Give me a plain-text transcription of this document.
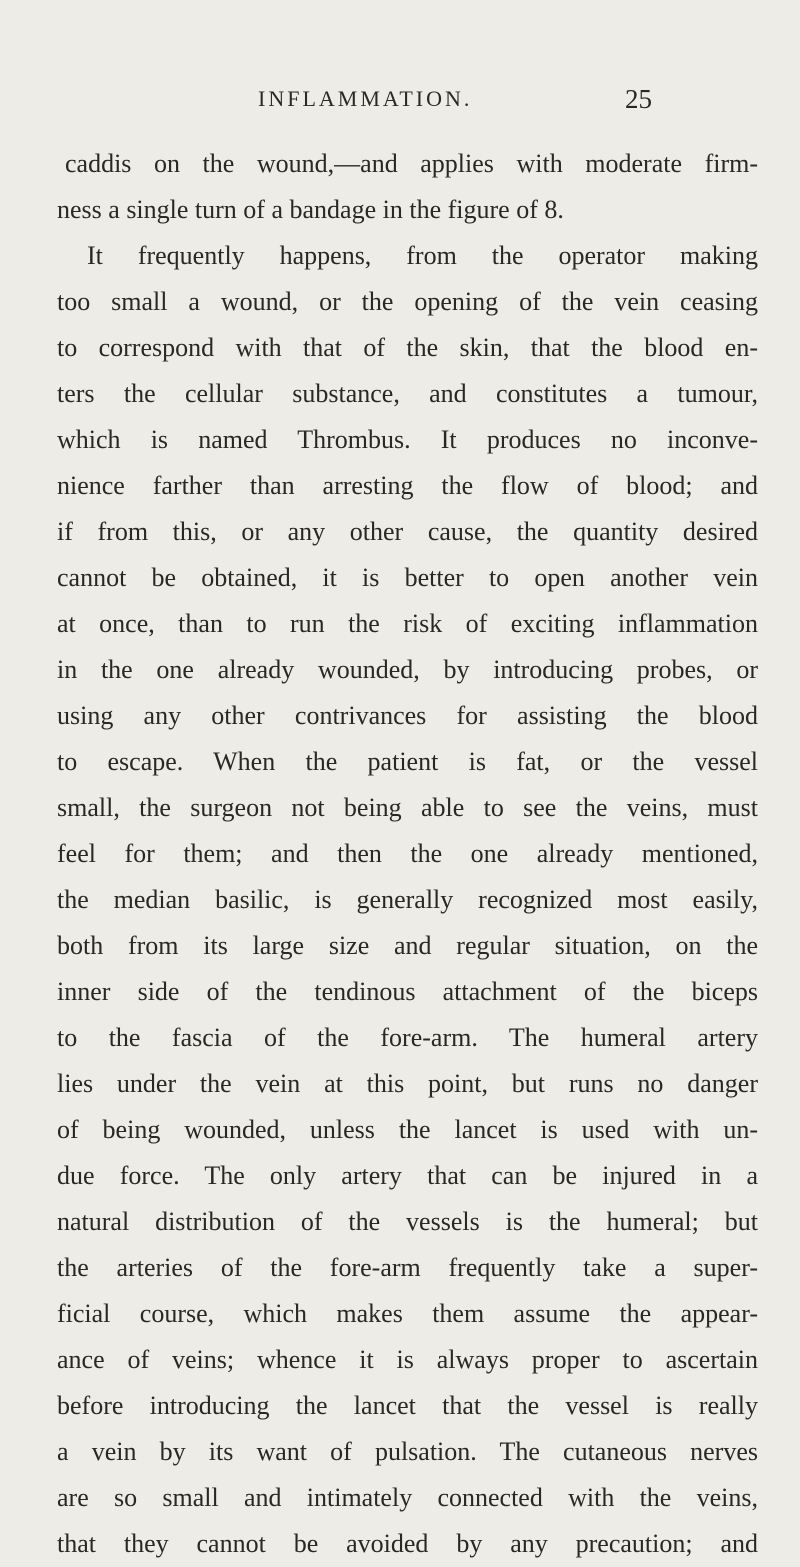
INFLAMMATION.	25
caddis on the wound,—and applies with moderate firm-
ness a single turn of a bandage in the figure of 8.
It frequently happens, from the operator making
too small a wound, or the opening of the vein ceasing
to correspond with that of the skin, that the blood en-
ters the cellular substance, and constitutes a tumour,
which is named Thrombus. It produces no inconve-
nience farther than arresting the flow of blood; and
if from this, or any other cause, the quantity desired
cannot be obtained, it is better to open another vein
at once, than to run the risk of exciting inflammation
in the one already wounded, by introducing probes, or
using any other contrivances for assisting the blood
to escape. When the patient is fat, or the vessel
small, the surgeon not being able to see the veins, must
feel for them; and then the one already mentioned,
the median basilic, is generally recognized most easily,
both from its large size and regular situation, on the
inner side of the tendinous attachment of the biceps
to the fascia of the fore-arm. The humeral artery
lies under the vein at this point, but runs no danger
of being wounded, unless the lancet is used with un-
due force. The only artery that can be injured in a
natural distribution of the vessels is the humeral; but
the arteries of the fore-arm frequently take a super-
ficial course, which makes them assume the appear-
ance of veins; whence it is always proper to ascertain
before introducing the lancet that the vessel is really
a vein by its want of pulsation. The cutaneous nerves
are so small and intimately connected with the veins,
that they cannot be avoided by any precaution; and
